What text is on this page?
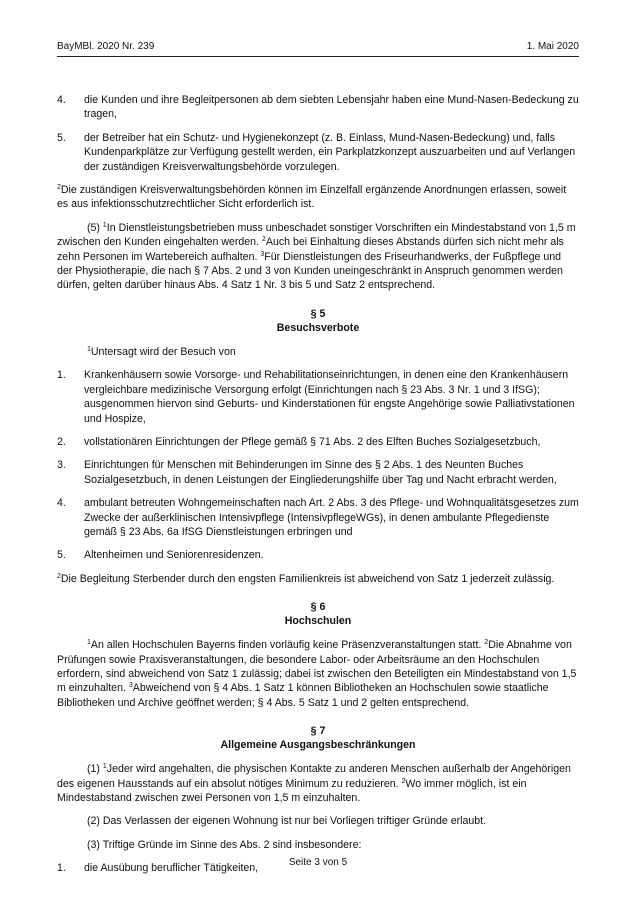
BayMBl. 2020 Nr. 239	1. Mai 2020
4. die Kunden und ihre Begleitpersonen ab dem siebten Lebensjahr haben eine Mund-Nasen-Bedeckung zu tragen,
5. der Betreiber hat ein Schutz- und Hygienekonzept (z. B. Einlass, Mund-Nasen-Bedeckung) und, falls Kundenparkplätze zur Verfügung gestellt werden, ein Parkplatzkonzept auszuarbeiten und auf Verlangen der zuständigen Kreisverwaltungsbehörde vorzulegen.

$^2$Die zuständigen Kreisverwaltungsbehörden können im Einzelfall ergänzende Anordnungen erlassen, soweit es aus infektionsschutzrechtlicher Sicht erforderlich ist.

(5) $^1$In Dienstleistungsbetrieben muss unbeschadet sonstiger Vorschriften ein Mindestabstand von 1,5 m zwischen den Kunden eingehalten werden. $^2$Auch bei Einhaltung dieses Abstands dürfen sich nicht mehr als zehn Personen im Wartebereich aufhalten. $^3$Für Dienstleistungen des Friseurhandwerks, der Fußpflege und der Physiotherapie, die nach § 7 Abs. 2 und 3 von Kunden uneingeschränkt in Anspruch genommen werden dürfen, gelten darüber hinaus Abs. 4 Satz 1 Nr. 3 bis 5 und Satz 2 entsprechend.

§ 5
Besuchsverbote

$^1$Untersagt wird der Besuch von

1. Krankenhäusern sowie Vorsorge- und Rehabilitationseinrichtungen, in denen eine den Krankenhäusern vergleichbare medizinische Versorgung erfolgt (Einrichtungen nach § 23 Abs. 3 Nr. 1 und 3 IfSG); ausgenommen hiervon sind Geburts- und Kinderstationen für engste Angehörige sowie Palliativstationen und Hospize,
2. vollstationären Einrichtungen der Pflege gemäß § 71 Abs. 2 des Elften Buches Sozialgesetzbuch,
3. Einrichtungen für Menschen mit Behinderungen im Sinne des § 2 Abs. 1 des Neunten Buches Sozialgesetzbuch, in denen Leistungen der Eingliederungshilfe über Tag und Nacht erbracht werden,
4. ambulant betreuten Wohngemeinschaften nach Art. 2 Abs. 3 des Pflege- und Wohnqualitätsgesetzes zum Zwecke der außerklinischen Intensivpflege (IntensivpflegeWGs), in denen ambulante Pflegedienste gemäß § 23 Abs. 6a IfSG Dienstleistungen erbringen und
5. Altenheimen und Seniorenresidenzen.

$^2$Die Begleitung Sterbender durch den engsten Familienkreis ist abweichend von Satz 1 jederzeit zulässig.

§ 6
Hochschulen

$^1$An allen Hochschulen Bayerns finden vorläufig keine Präsenzveranstaltungen statt. $^2$Die Abnahme von Prüfungen sowie Praxisveranstaltungen, die besondere Labor- oder Arbeitsräume an den Hochschulen erfordern, sind abweichend von Satz 1 zulässig; dabei ist zwischen den Beteiligten ein Mindestabstand von 1,5 m einzuhalten. $^3$Abweichend von § 4 Abs. 1 Satz 1 können Bibliotheken an Hochschulen sowie staatliche Bibliotheken und Archive geöffnet werden; § 4 Abs. 5 Satz 1 und 2 gelten entsprechend.

§ 7
Allgemeine Ausgangsbeschränkungen

(1) $^1$Jeder wird angehalten, die physischen Kontakte zu anderen Menschen außerhalb der Angehörigen des eigenen Hausstands auf ein absolut nötiges Minimum zu reduzieren. $^2$Wo immer möglich, ist ein Mindestabstand zwischen zwei Personen von 1,5 m einzuhalten.

(2) Das Verlassen der eigenen Wohnung ist nur bei Vorliegen triftiger Gründe erlaubt.

(3) Triftige Gründe im Sinne des Abs. 2 sind insbesondere:

1. die Ausübung beruflicher Tätigkeiten,	Seite 3 von 5
